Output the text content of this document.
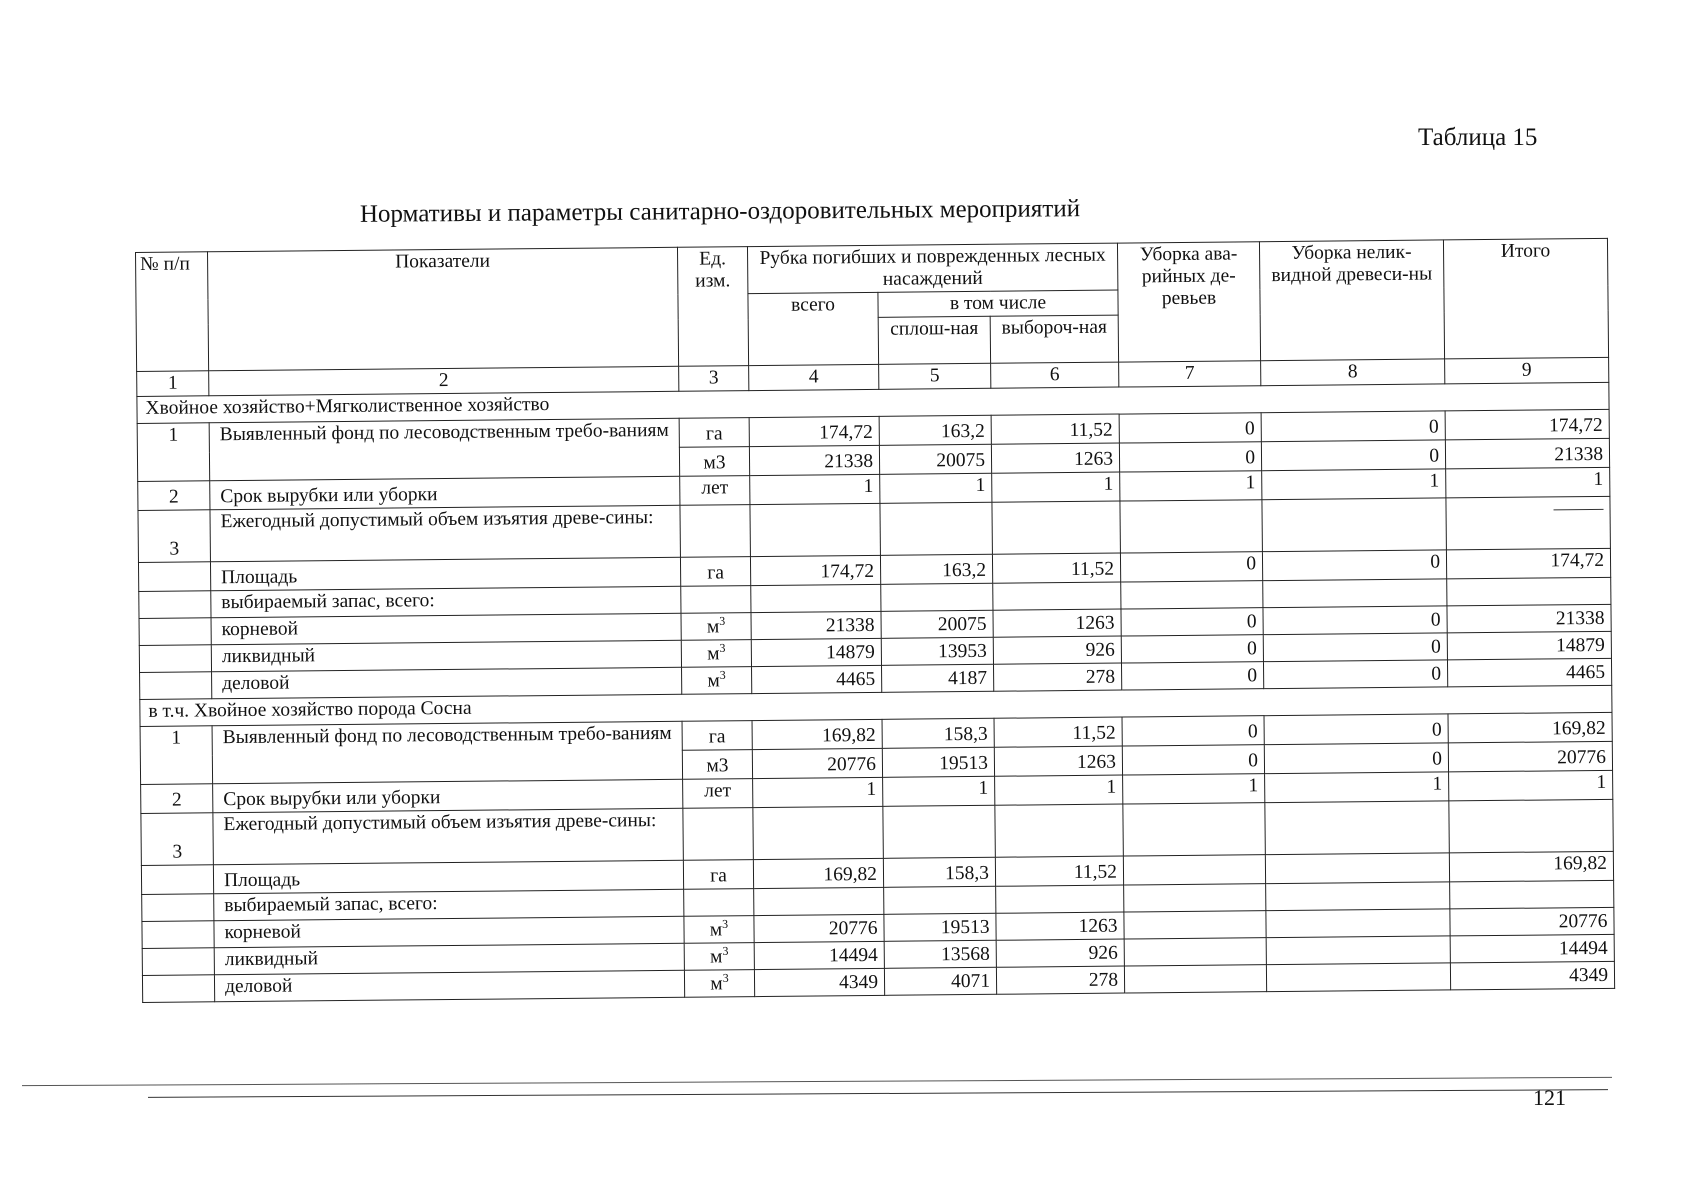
Таблица 15
Нормативы и параметры санитарно-оздоровительных мероприятий
№ п/п	Показатели	Ед. изм.	Рубка погибших и поврежденных лесных насаждений			Уборка ава-рийных де-ревьев	Уборка нелик-видной древеси-ны	Итого
			всего	в том числе				
				сплош-ная	выбороч-ная			
1	2	3	4	5	6	7	8	9
Хвойное хозяйство+Мягколиственное хозяйство								
1	Выявленный фонд по лесоводственным требо-ваниям	га	174,72	163,2	11,52	0	0	174,72
		м3	21338	20075	1263	0	0	21338
2	Срок вырубки или уборки	лет	1	1	1	1	1	1
3	Ежегодный допустимый объем изъятия древе-сины:							
	Площадь	га	174,72	163,2	11,52	0	0	174,72
	выбираемый запас, всего:							
	корневой	$м^3$	21338	20075	1263	0	0	21338
	ликвидный	$м^3$	14879	13953	926	0	0	14879
	деловой	$м^3$	4465	4187	278	0	0	4465
в т.ч. Хвойное хозяйство порода Сосна								
1	Выявленный фонд по лесоводственным требо-ваниям	га	169,82	158,3	11,52	0	0	169,82
		м3	20776	19513	1263	0	0	20776
2	Срок вырубки или уборки	лет	1	1	1	1	1	1
3	Ежегодный допустимый объем изъятия древе-сины:							
	Площадь	га	169,82	158,3	11,52			169,82
	выбираемый запас, всего:							
	корневой	$м^3$	20776	19513	1263			20776
	ликвидный	$м^3$	14494	13568	926			14494
	деловой	$м^3$	4349	4071	278			4349
121
